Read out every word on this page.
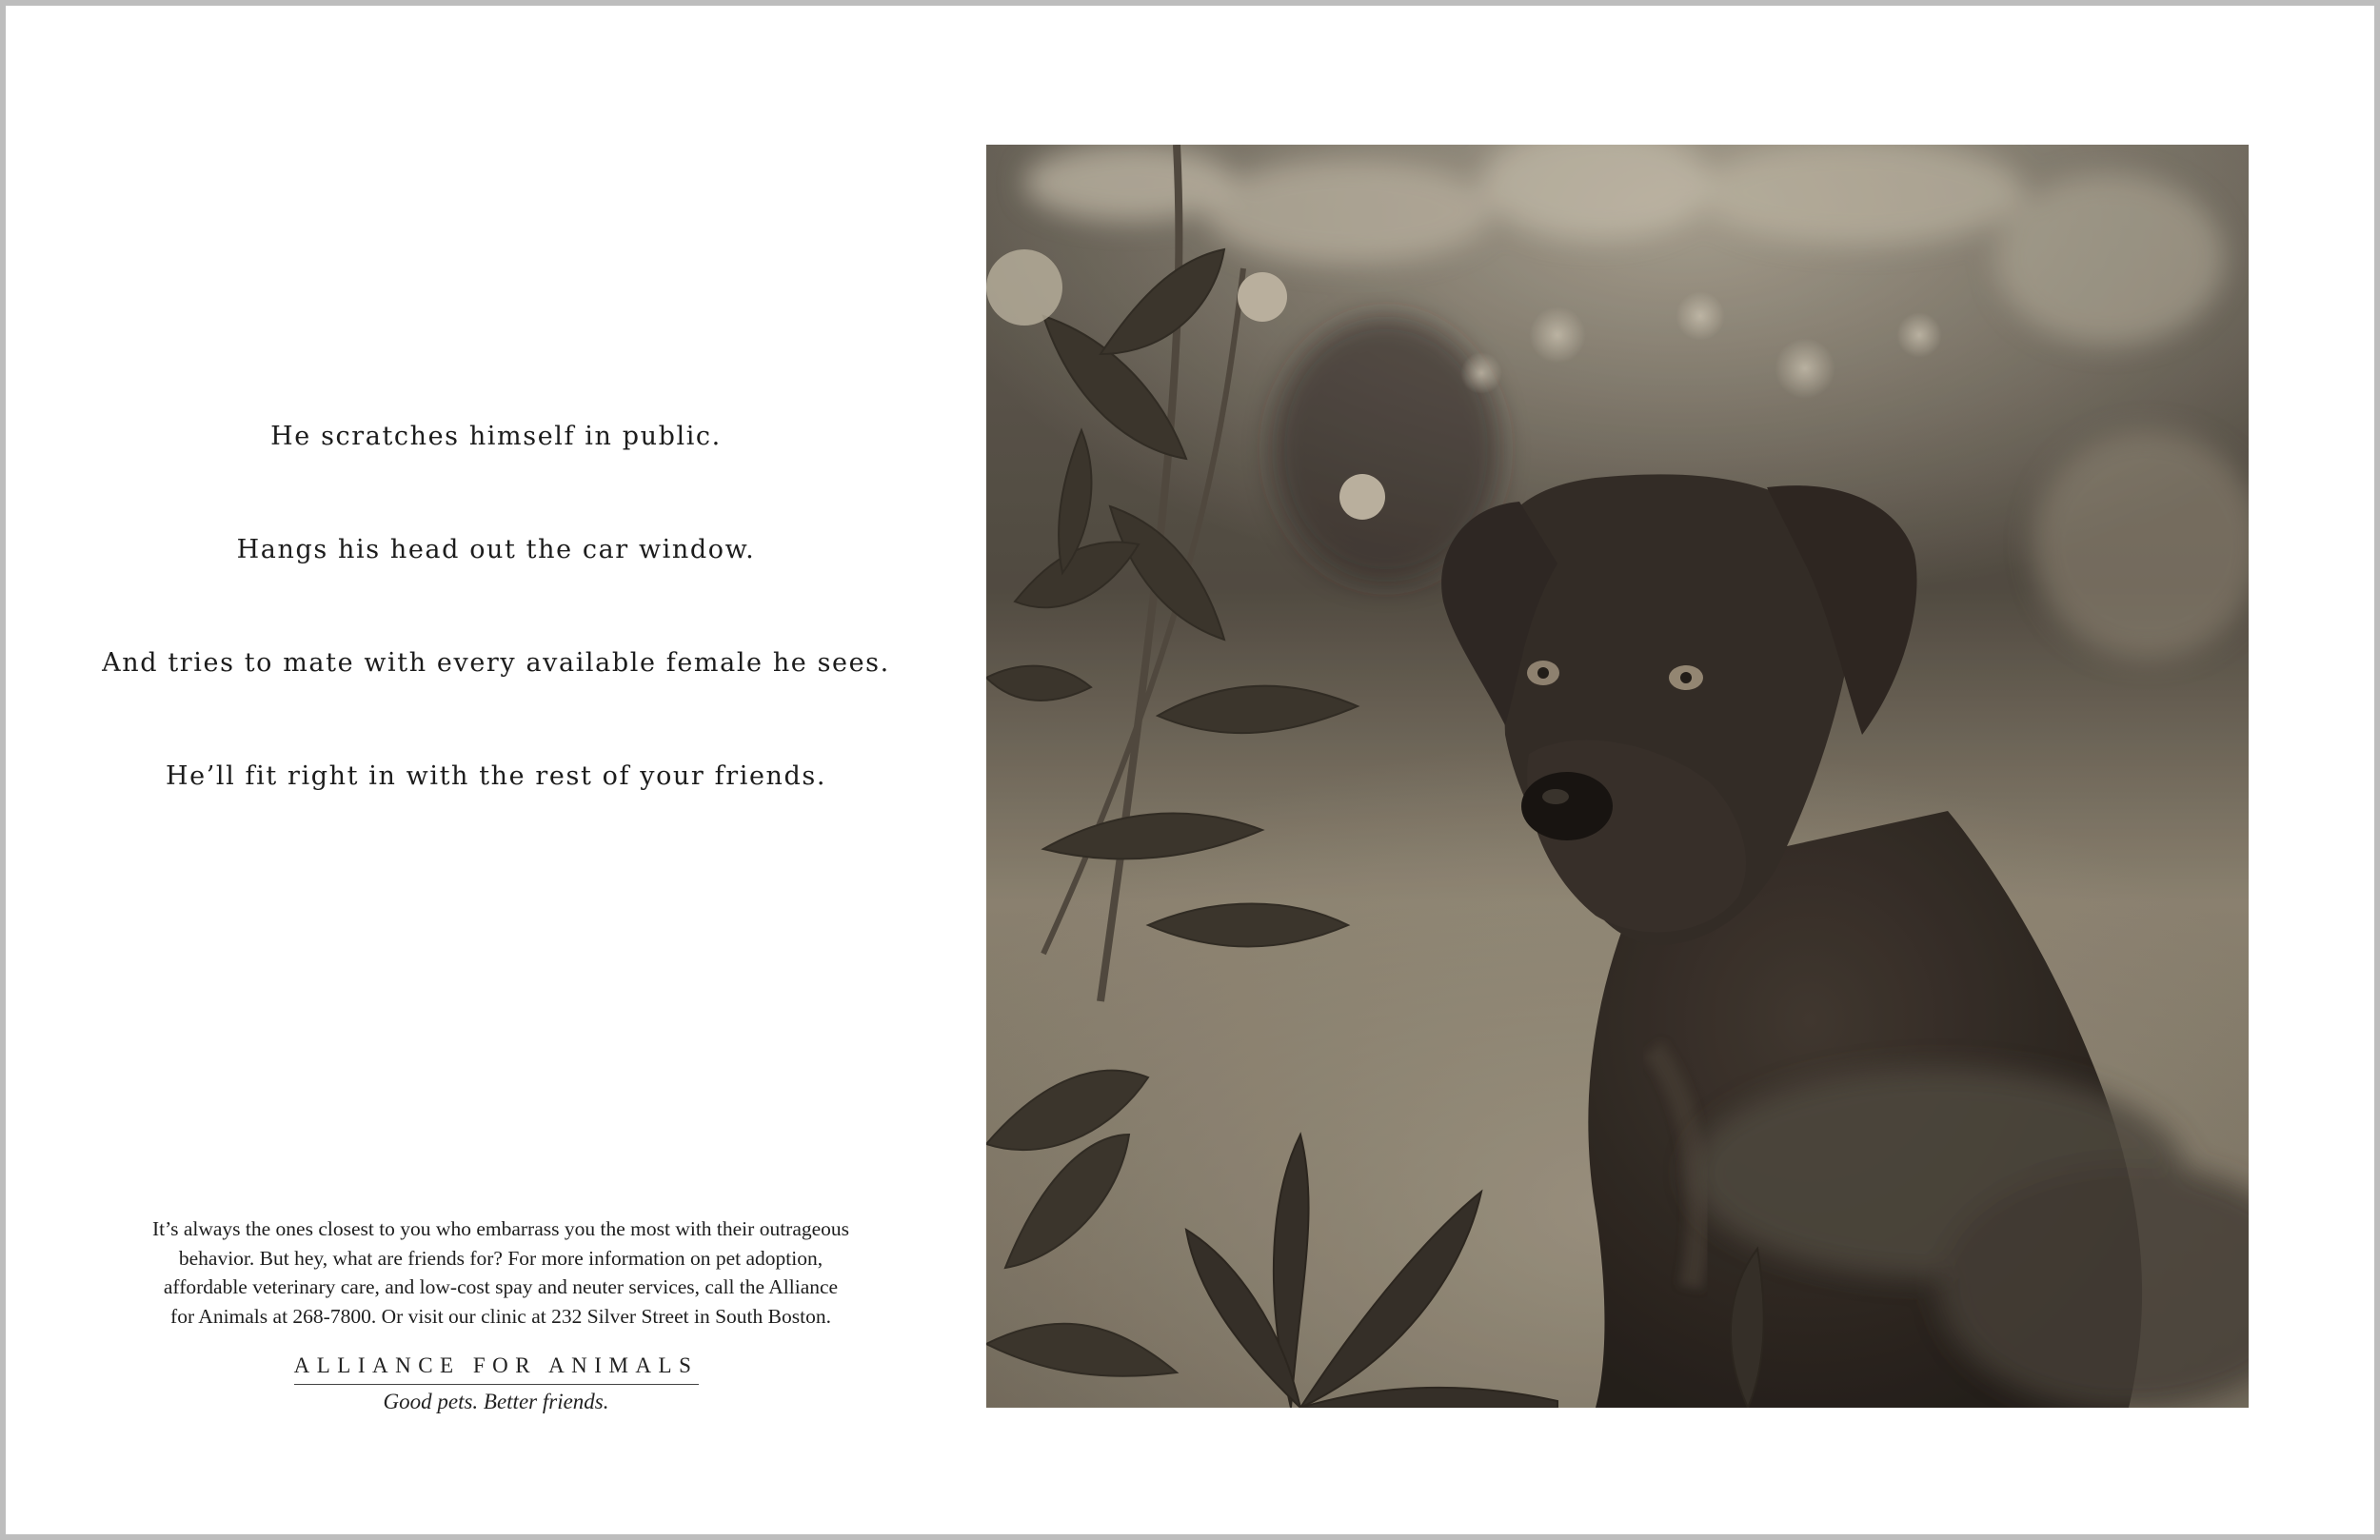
He scratches himself in public.
Hangs his head out the car window.
And tries to mate with every available female he sees.
He’ll fit right in with the rest of your friends.
It’s always the ones closest to you who embarrass you the most with their outrageous
behavior. But hey, what are friends for? For more information on pet adoption,
affordable veterinary care, and low-cost spay and neuter services, call the Alliance
for Animals at 268-7800. Or visit our clinic at 232 Silver Street in South Boston.
ALLIANCE FOR ANIMALS
Good pets. Better friends.
